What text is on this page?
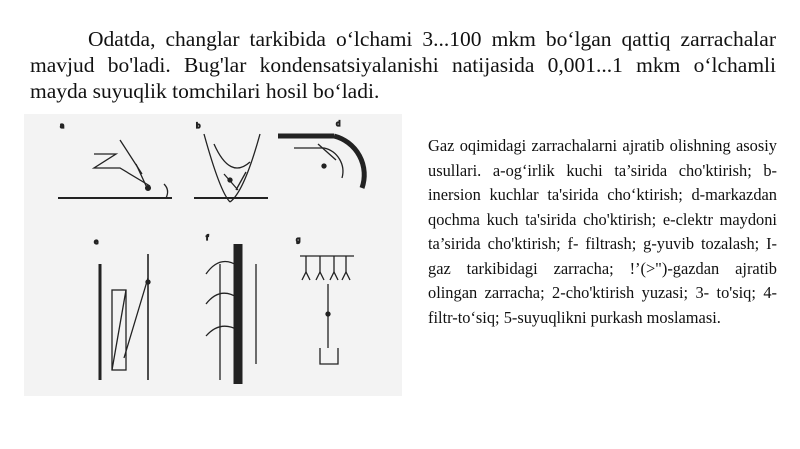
Odatda, changlar tarkibida o‘lchami 3...100 mkm bo‘lgan qattiq zarrachalar mavjud bo'ladi. Bug'lar kondensatsiyalanishi natijasida 0,001...1 mkm o‘lchamli mayda suyuqlik tomchilari hosil bo‘ladi.

a	b	d
e	f	g

Gaz oqimidagi zarrachalarni ajratib olishning asosiy usullari. a-og‘irlik kuchi ta’sirida cho'ktirish; b-inersion kuchlar ta'sirida cho‘ktirish; d-markazdan qochma kuch ta'sirida cho'ktirish; e-clektr maydoni ta’sirida cho'ktirish; f- filtrash; g-yuvib tozalash; I-gaz tarkibidagi zarracha; !’(>")-gazdan ajratib olingan zarracha; 2-cho'ktirish yuzasi; 3- to'siq; 4-filtr-to‘siq; 5-suyuqlikni purkash moslamasi.
